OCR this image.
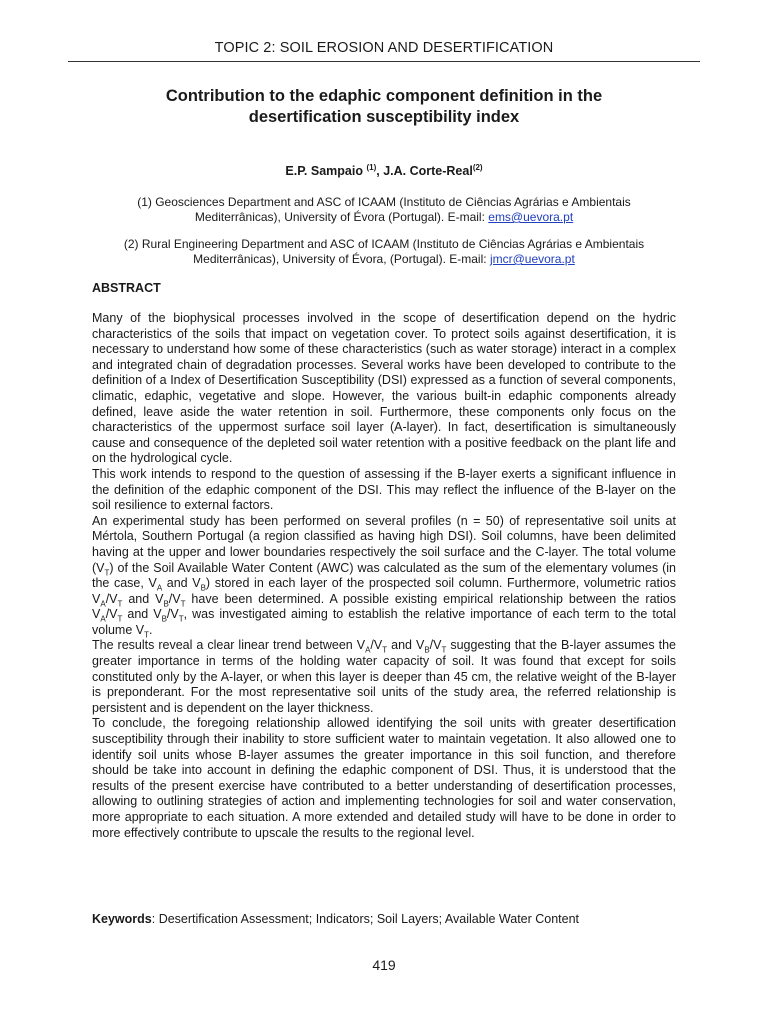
TOPIC 2: SOIL EROSION AND DESERTIFICATION
Contribution to the edaphic component definition in the
desertification susceptibility index
E.P. Sampaio $^{(1)}$, J.A. Corte-Real$^{(2)}$
(1) Geosciences Department and ASC of ICAAM (Instituto de Ciências Agrárias e Ambientais
Mediterrânicas), University of Évora (Portugal). E-mail: ems@uevora.pt
(2) Rural Engineering Department and ASC of ICAAM (Instituto de Ciências Agrárias e Ambientais
Mediterrânicas), University of Évora, (Portugal). E-mail: jmcr@uevora.pt
ABSTRACT

Many of the biophysical processes involved in the scope of desertification depend on the hydric characteristics of the soils that impact on vegetation cover. To protect soils against desertification, it is necessary to understand how some of these characteristics (such as water storage) interact in a complex and integrated chain of degradation processes. Several works have been developed to contribute to the definition of a Index of Desertification Susceptibility (DSI) expressed as a function of several components, climatic, edaphic, vegetative and slope. However, the various built-in edaphic components already defined, leave aside the water retention in soil. Furthermore, these components only focus on the characteristics of the uppermost surface soil layer (A-layer). In fact, desertification is simultaneously cause and consequence of the depleted soil water retention with a positive feedback on the plant life and on the hydrological cycle.

This work intends to respond to the question of assessing if the B-layer exerts a significant influence in the definition of the edaphic component of the DSI. This may reflect the influence of the B-layer on the soil resilience to external factors.

An experimental study has been performed on several profiles (n = 50) of representative soil units at Mértola, Southern Portugal (a region classified as having high DSI). Soil columns, have been delimited having at the upper and lower boundaries respectively the soil surface and the C-layer. The total volume $(V_T)$ of the Soil Available Water Content (AWC) was calculated as the sum of the elementary volumes (in the case, $V_A$ and $V_B$) stored in each layer of the prospected soil column. Furthermore, volumetric ratios $V_A/V_T$ and $V_B/V_T$ have been determined. A possible existing empirical relationship between the ratios $V_A/V_T$ and $V_B/V_T$, was investigated aiming to establish the relative importance of each term to the total volume $V_T$.

The results reveal a clear linear trend between $V_A/V_T$ and $V_B/V_T$ suggesting that the B-layer assumes the greater importance in terms of the holding water capacity of soil. It was found that except for soils constituted only by the A-layer, or when this layer is deeper than 45 cm, the relative weight of the B-layer is preponderant. For the most representative soil units of the study area, the referred relationship is persistent and is dependent on the layer thickness.

To conclude, the foregoing relationship allowed identifying the soil units with greater desertification susceptibility through their inability to store sufficient water to maintain vegetation. It also allowed one to identify soil units whose B-layer assumes the greater importance in this soil function, and therefore should be take into account in defining the edaphic component of DSI. Thus, it is understood that the results of the present exercise have contributed to a better understanding of desertification processes, allowing to outlining strategies of action and implementing technologies for soil and water conservation, more appropriate to each situation. A more extended and detailed study will have to be done in order to more effectively contribute to upscale the results to the regional level.

Keywords: Desertification Assessment; Indicators; Soil Layers; Available Water Content
419
